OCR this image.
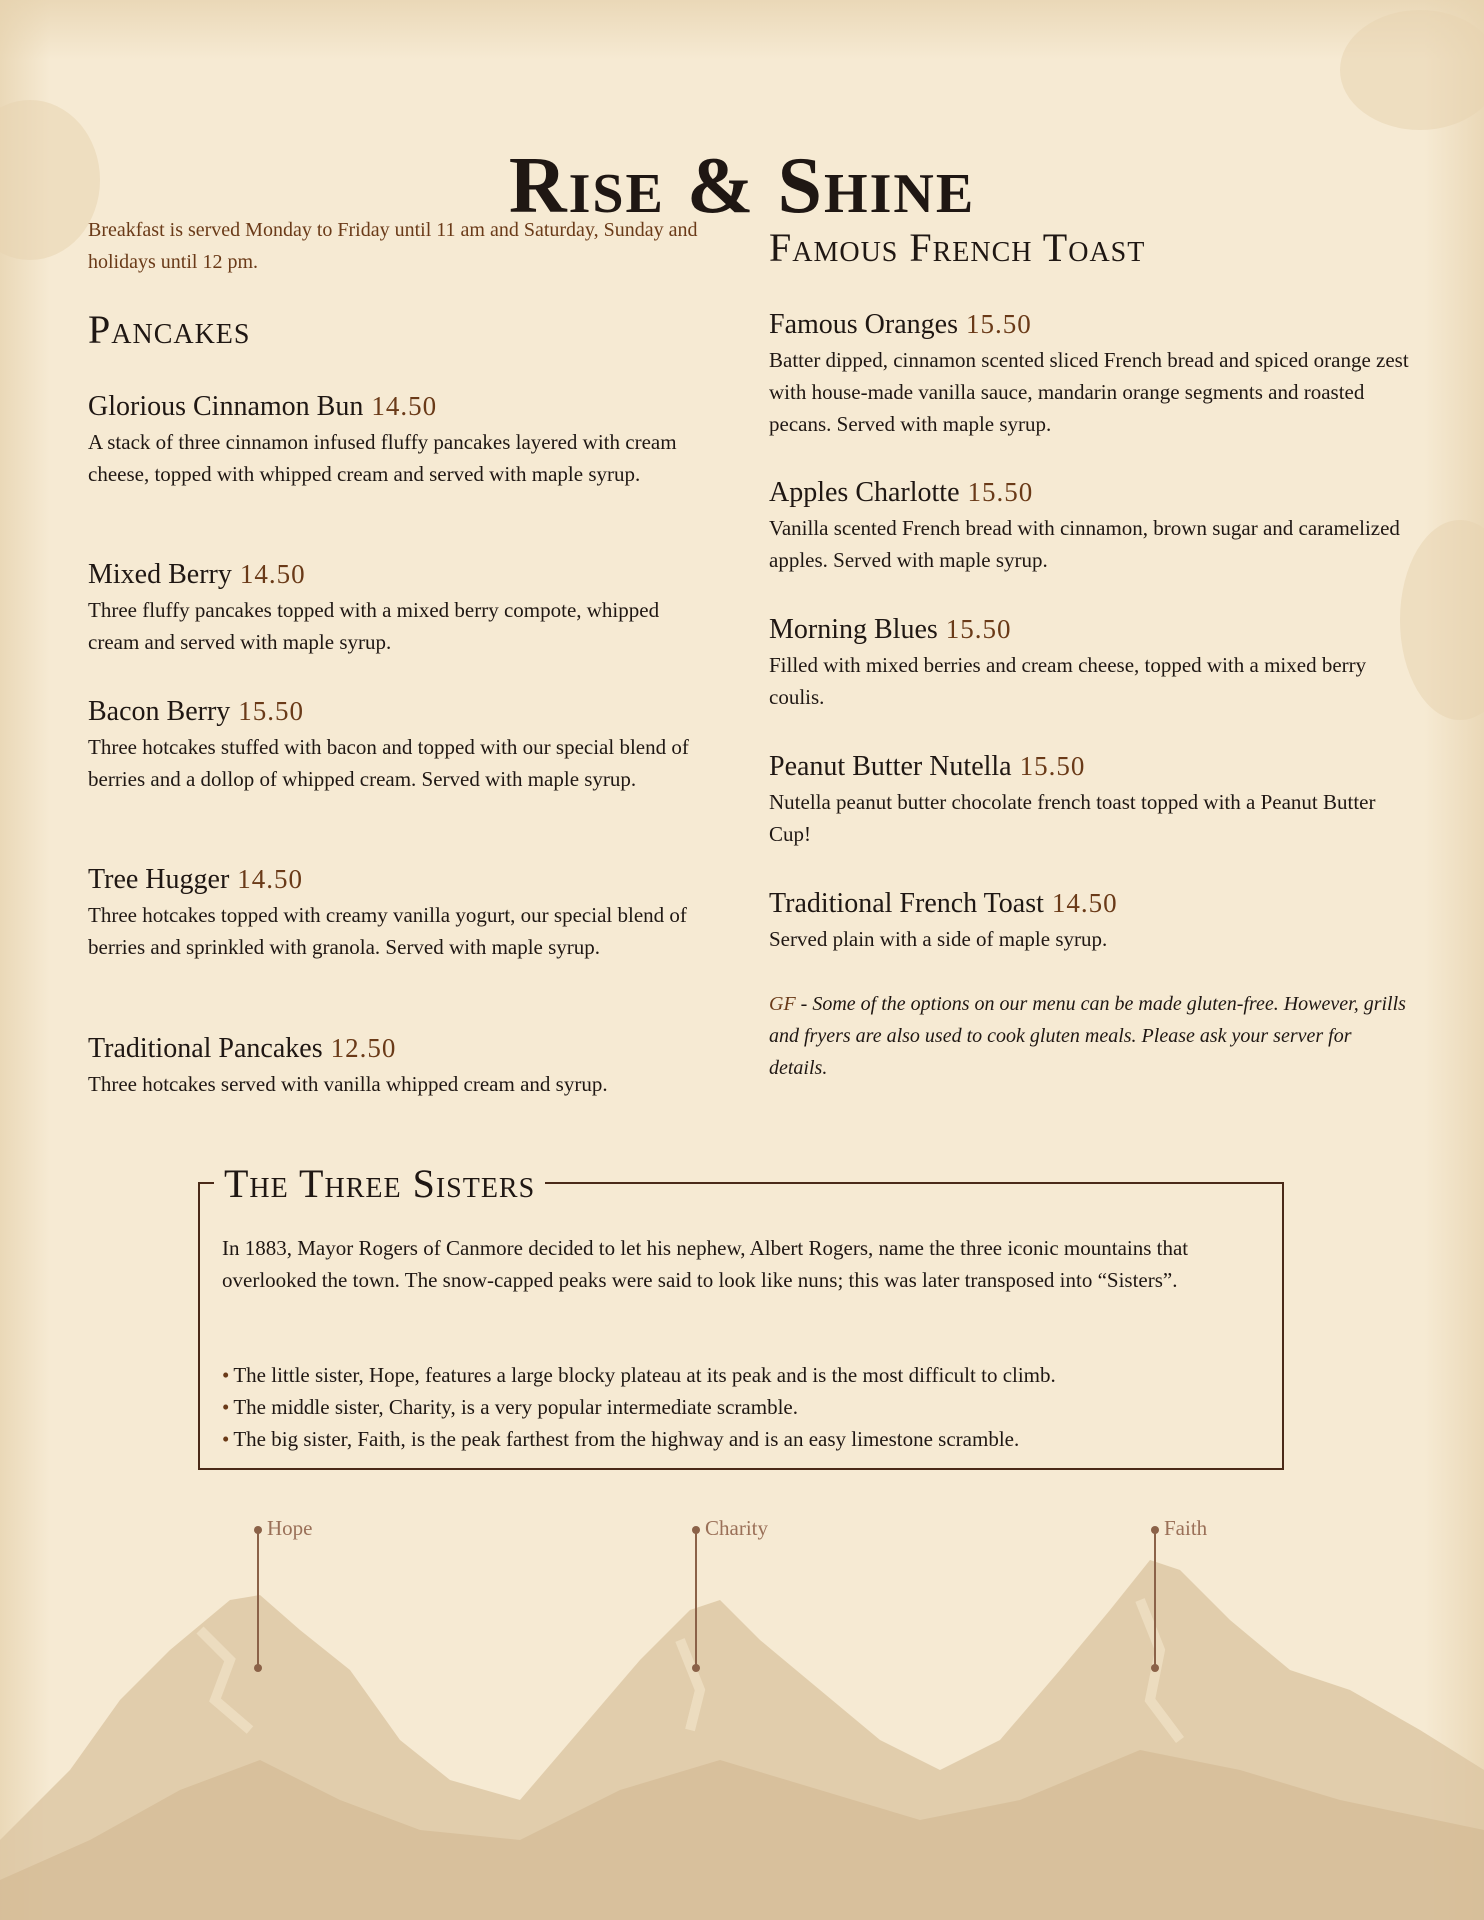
Rise & Shine
Breakfast is served Monday to Friday until 11 am and Saturday, Sunday and holidays until 12 pm.
Pancakes
Glorious Cinnamon Bun 14.50
A stack of three cinnamon infused fluffy pancakes layered with cream cheese, topped with whipped cream and served with maple syrup.
Mixed Berry 14.50
Three fluffy pancakes topped with a mixed berry compote, whipped cream and served with maple syrup.
Bacon Berry 15.50
Three hotcakes stuffed with bacon and topped with our special blend of berries and a dollop of whipped cream. Served with maple syrup.
Tree Hugger 14.50
Three hotcakes topped with creamy vanilla yogurt, our special blend of berries and sprinkled with granola. Served with maple syrup.
Traditional Pancakes 12.50
Three hotcakes served with vanilla whipped cream and syrup.
Famous French Toast
Famous Oranges 15.50
Batter dipped, cinnamon scented sliced French bread and spiced orange zest with house-made vanilla sauce, mandarin orange segments and roasted pecans. Served with maple syrup.
Apples Charlotte 15.50
Vanilla scented French bread with cinnamon, brown sugar and caramelized apples. Served with maple syrup.
Morning Blues 15.50
Filled with mixed berries and cream cheese, topped with a mixed berry coulis.
Peanut Butter Nutella 15.50
Nutella peanut butter chocolate french toast topped with a Peanut Butter Cup!
Traditional French Toast 14.50
Served plain with a side of maple syrup.
GF - Some of the options on our menu can be made gluten-free. However, grills and fryers are also used to cook gluten meals. Please ask your server for details.
The Three Sisters
In 1883, Mayor Rogers of Canmore decided to let his nephew, Albert Rogers, name the three iconic mountains that overlooked the town. The snow-capped peaks were said to look like nuns; this was later transposed into “Sisters”.
• The little sister, Hope, features a large blocky plateau at its peak and is the most difficult to climb.
• The middle sister, Charity, is a very popular intermediate scramble.
• The big sister, Faith, is the peak farthest from the highway and is an easy limestone scramble.
Hope	Charity	Faith
